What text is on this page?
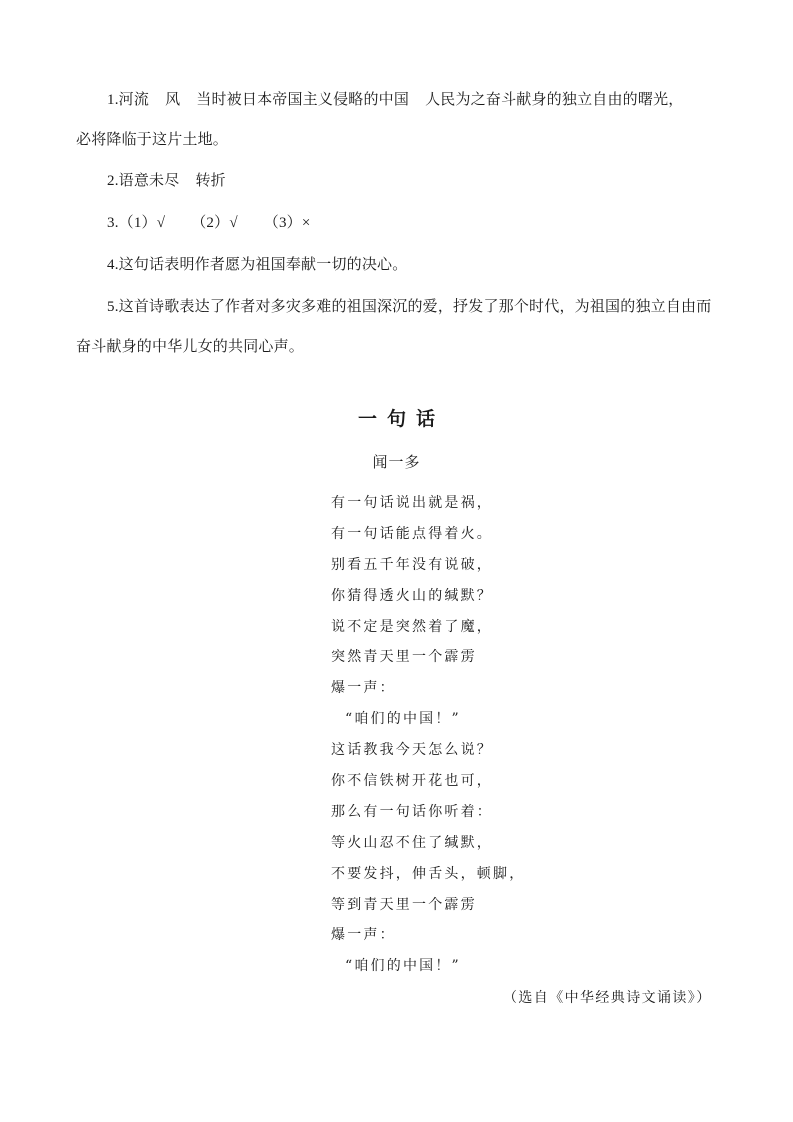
1.河流 风 当时被日本帝国主义侵略的中国 人民为之奋斗献身的独立自由的曙光，

必将降临于这片土地。

2.语意未尽 转折

3.（1）√ （2）√ （3）×

4.这句话表明作者愿为祖国奉献一切的决心。

5.这首诗歌表达了作者对多灾多难的祖国深沉的爱，抒发了那个时代，为祖国的独立自由而奋斗献身的中华儿女的共同心声。

一句话
闻一多
有一句话说出就是祸，
有一句话能点得着火。
别看五千年没有说破，
你猜得透火山的缄默？
说不定是突然着了魔，
突然青天里一个霹雳
爆一声：
“咱们的中国！”
这话教我今天怎么说？
你不信铁树开花也可，
那么有一句话你听着：
等火山忍不住了缄默，
不要发抖，伸舌头，顿脚，
等到青天里一个霹雳
爆一声：
“咱们的中国！”
（选自《中华经典诗文诵读》）
